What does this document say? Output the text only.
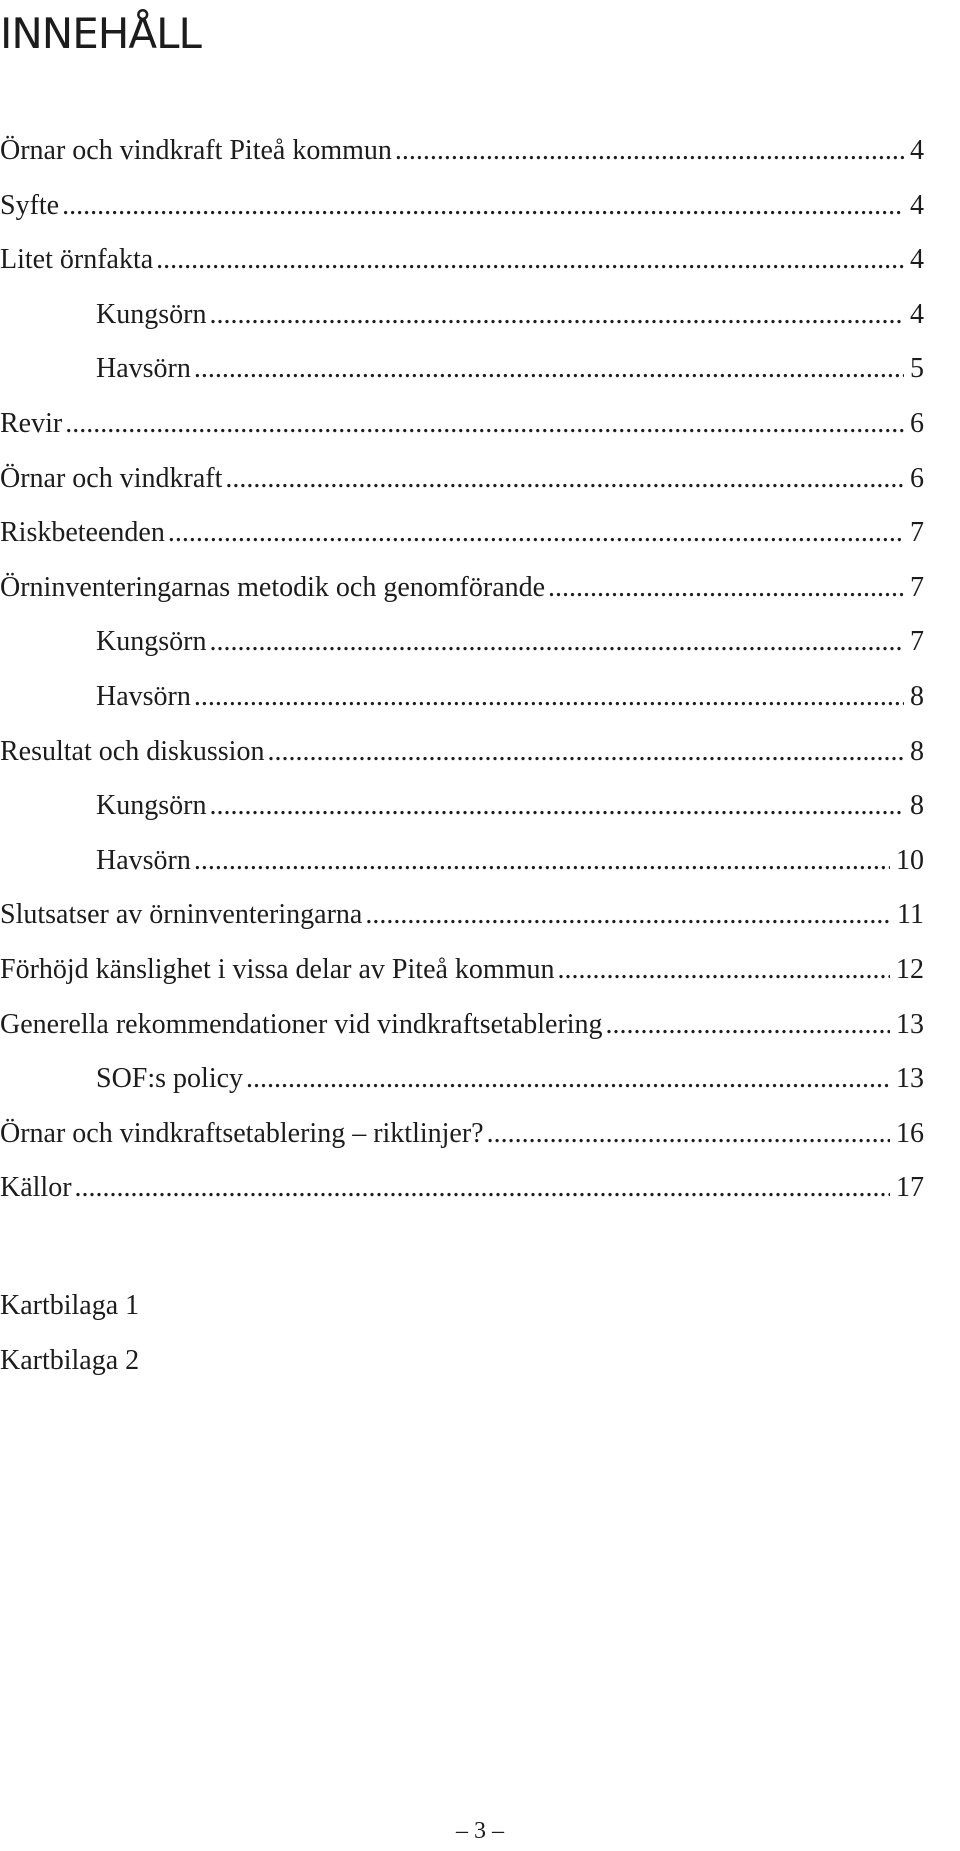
INNEHÅLL
Örnar och vindkraft Piteå kommun .....	4
Syfte .....	4
Litet örnfakta .....	4
Kungsörn .....	4
Havsörn .....	5
Revir .....	6
Örnar och vindkraft .....	6
Riskbeteenden .....	7
Örninventeringarnas metodik och genomförande .....	7
Kungsörn .....	7
Havsörn .....	8
Resultat och diskussion .....	8
Kungsörn .....	8
Havsörn .....	10
Slutsatser av örninventeringarna .....	11
Förhöjd känslighet i vissa delar av Piteå kommun .....	12
Generella rekommendationer vid vindkraftsetablering .....	13
SOF:s policy .....	13
Örnar och vindkraftsetablering – riktlinjer? .....	16
Källor .....	17
Kartbilaga 1
Kartbilaga 2
– 3 –
